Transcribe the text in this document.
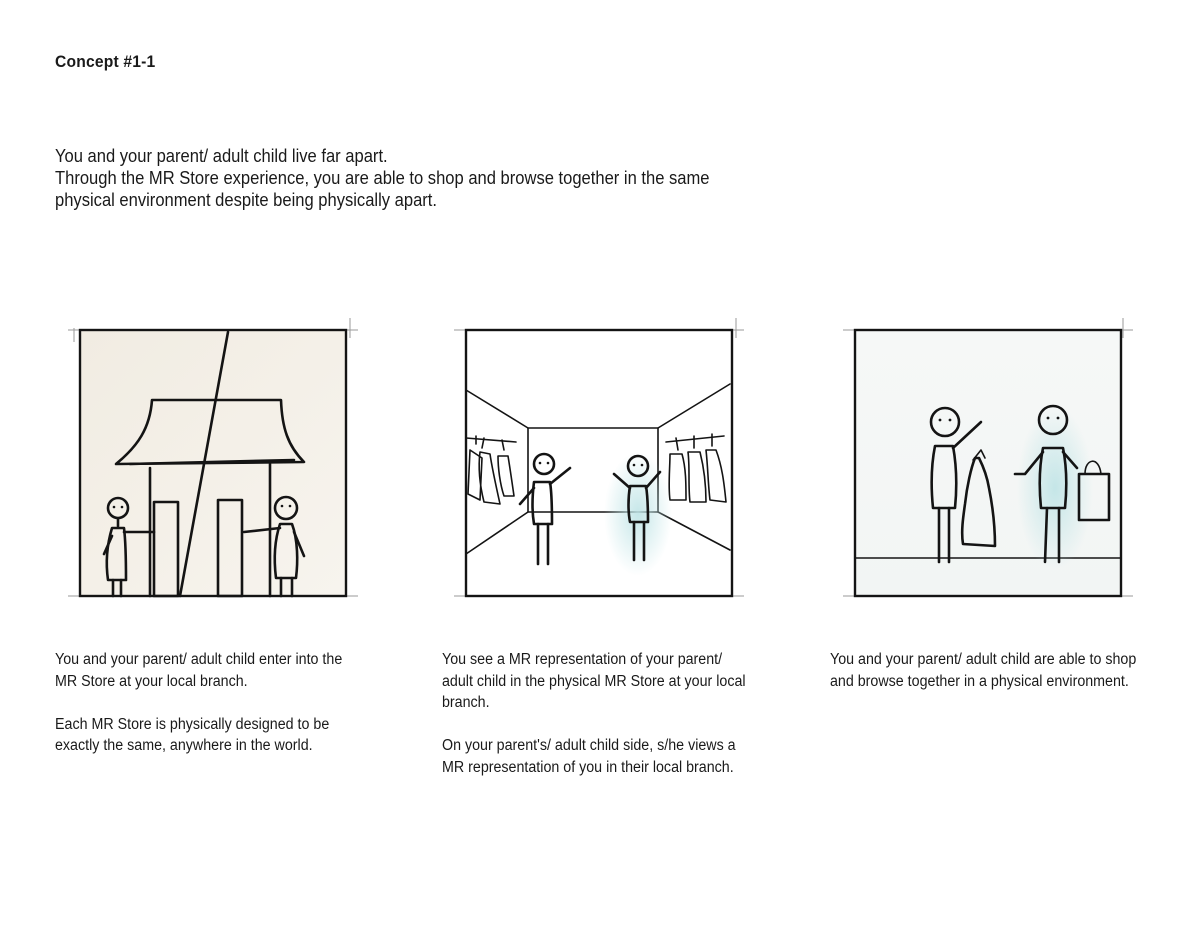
Concept #1-1

You and your parent/ adult child live far apart.

Through the MR Store experience, you are able to shop and browse together in the same physical environment despite being physically apart.

You and your parent/ adult child enter into the MR Store at your local branch.

Each MR Store is physically designed to be exactly the same, anywhere in the world.

You see a MR representation of your parent/ adult child in the physical MR Store at your local branch.

On your parent's/ adult child side, s/he views a MR representation of you in their local branch.

You and your parent/ adult child are able to shop and browse together in a physical environment.
